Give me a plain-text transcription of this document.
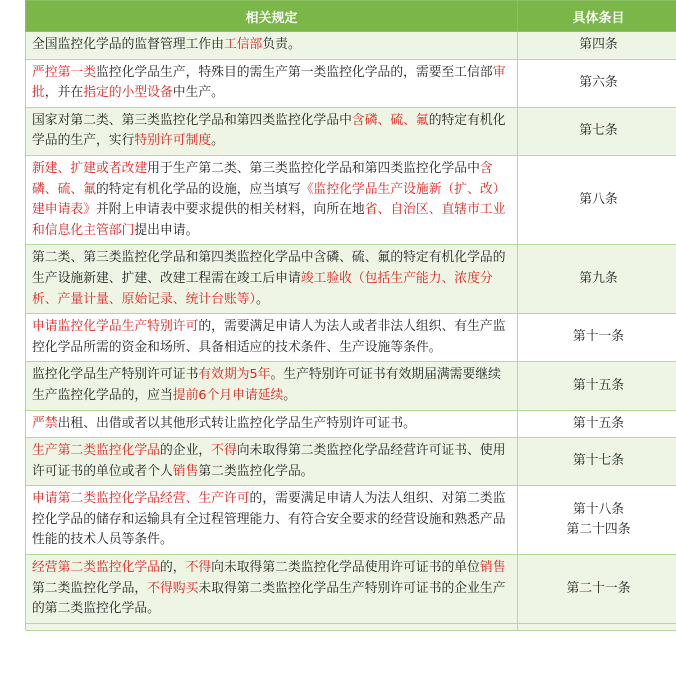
相关规定	具体条目
全国监控化学品的监督管理工作由工信部负责。	第四条

严控第一类监控化学品生产，特殊目的需生产第一类监控化学品的，需要至工信部审批，并在指定的小型设备中生产。	第六条

国家对第二类、第三类监控化学品和第四类监控化学品中含磷、硫、氟的特定有机化学品的生产，实行特别许可制度。	第七条

新建、扩建或者改建用于生产第二类、第三类监控化学品和第四类监控化学品中含磷、硫、氟的特定有机化学品的设施，应当填写《监控化学品生产设施新（扩、改）建申请表》并附上申请表中要求提供的相关材料，向所在地省、自治区、直辖市工业和信息化主管部门提出申请。	第八条

第二类、第三类监控化学品和第四类监控化学品中含磷、硫、氟的特定有机化学品的生产设施新建、扩建、改建工程需在竣工后申请竣工验收（包括生产能力、浓度分析、产量计量、原始记录、统计台账等）。	第九条

申请监控化学品生产特别许可的，需要满足申请人为法人或者非法人组织、有生产监控化学品所需的资金和场所、具备相适应的技术条件、生产设施等条件。	第十一条

监控化学品生产特别许可证书有效期为5年。生产特别许可证书有效期届满需要继续生产监控化学品的，应当提前6个月申请延续。	第十五条

严禁出租、出借或者以其他形式转让监控化学品生产特别许可证书。	第十五条

生产第二类监控化学品的企业，不得向未取得第二类监控化学品经营许可证书、使用许可证书的单位或者个人销售第二类监控化学品。	第十七条

申请第二类监控化学品经营、生产许可的，需要满足申请人为法人组织、对第二类监控化学品的储存和运输具有全过程管理能力、有符合安全要求的经营设施和熟悉产品性能的技术人员等条件。	第十八条
第二十四条

经营第二类监控化学品的，不得向未取得第二类监控化学品使用许可证书的单位销售第二类监控化学品，不得购买未取得第二类监控化学品生产特别许可证书的企业生产的第二类监控化学品。	第二十一条
